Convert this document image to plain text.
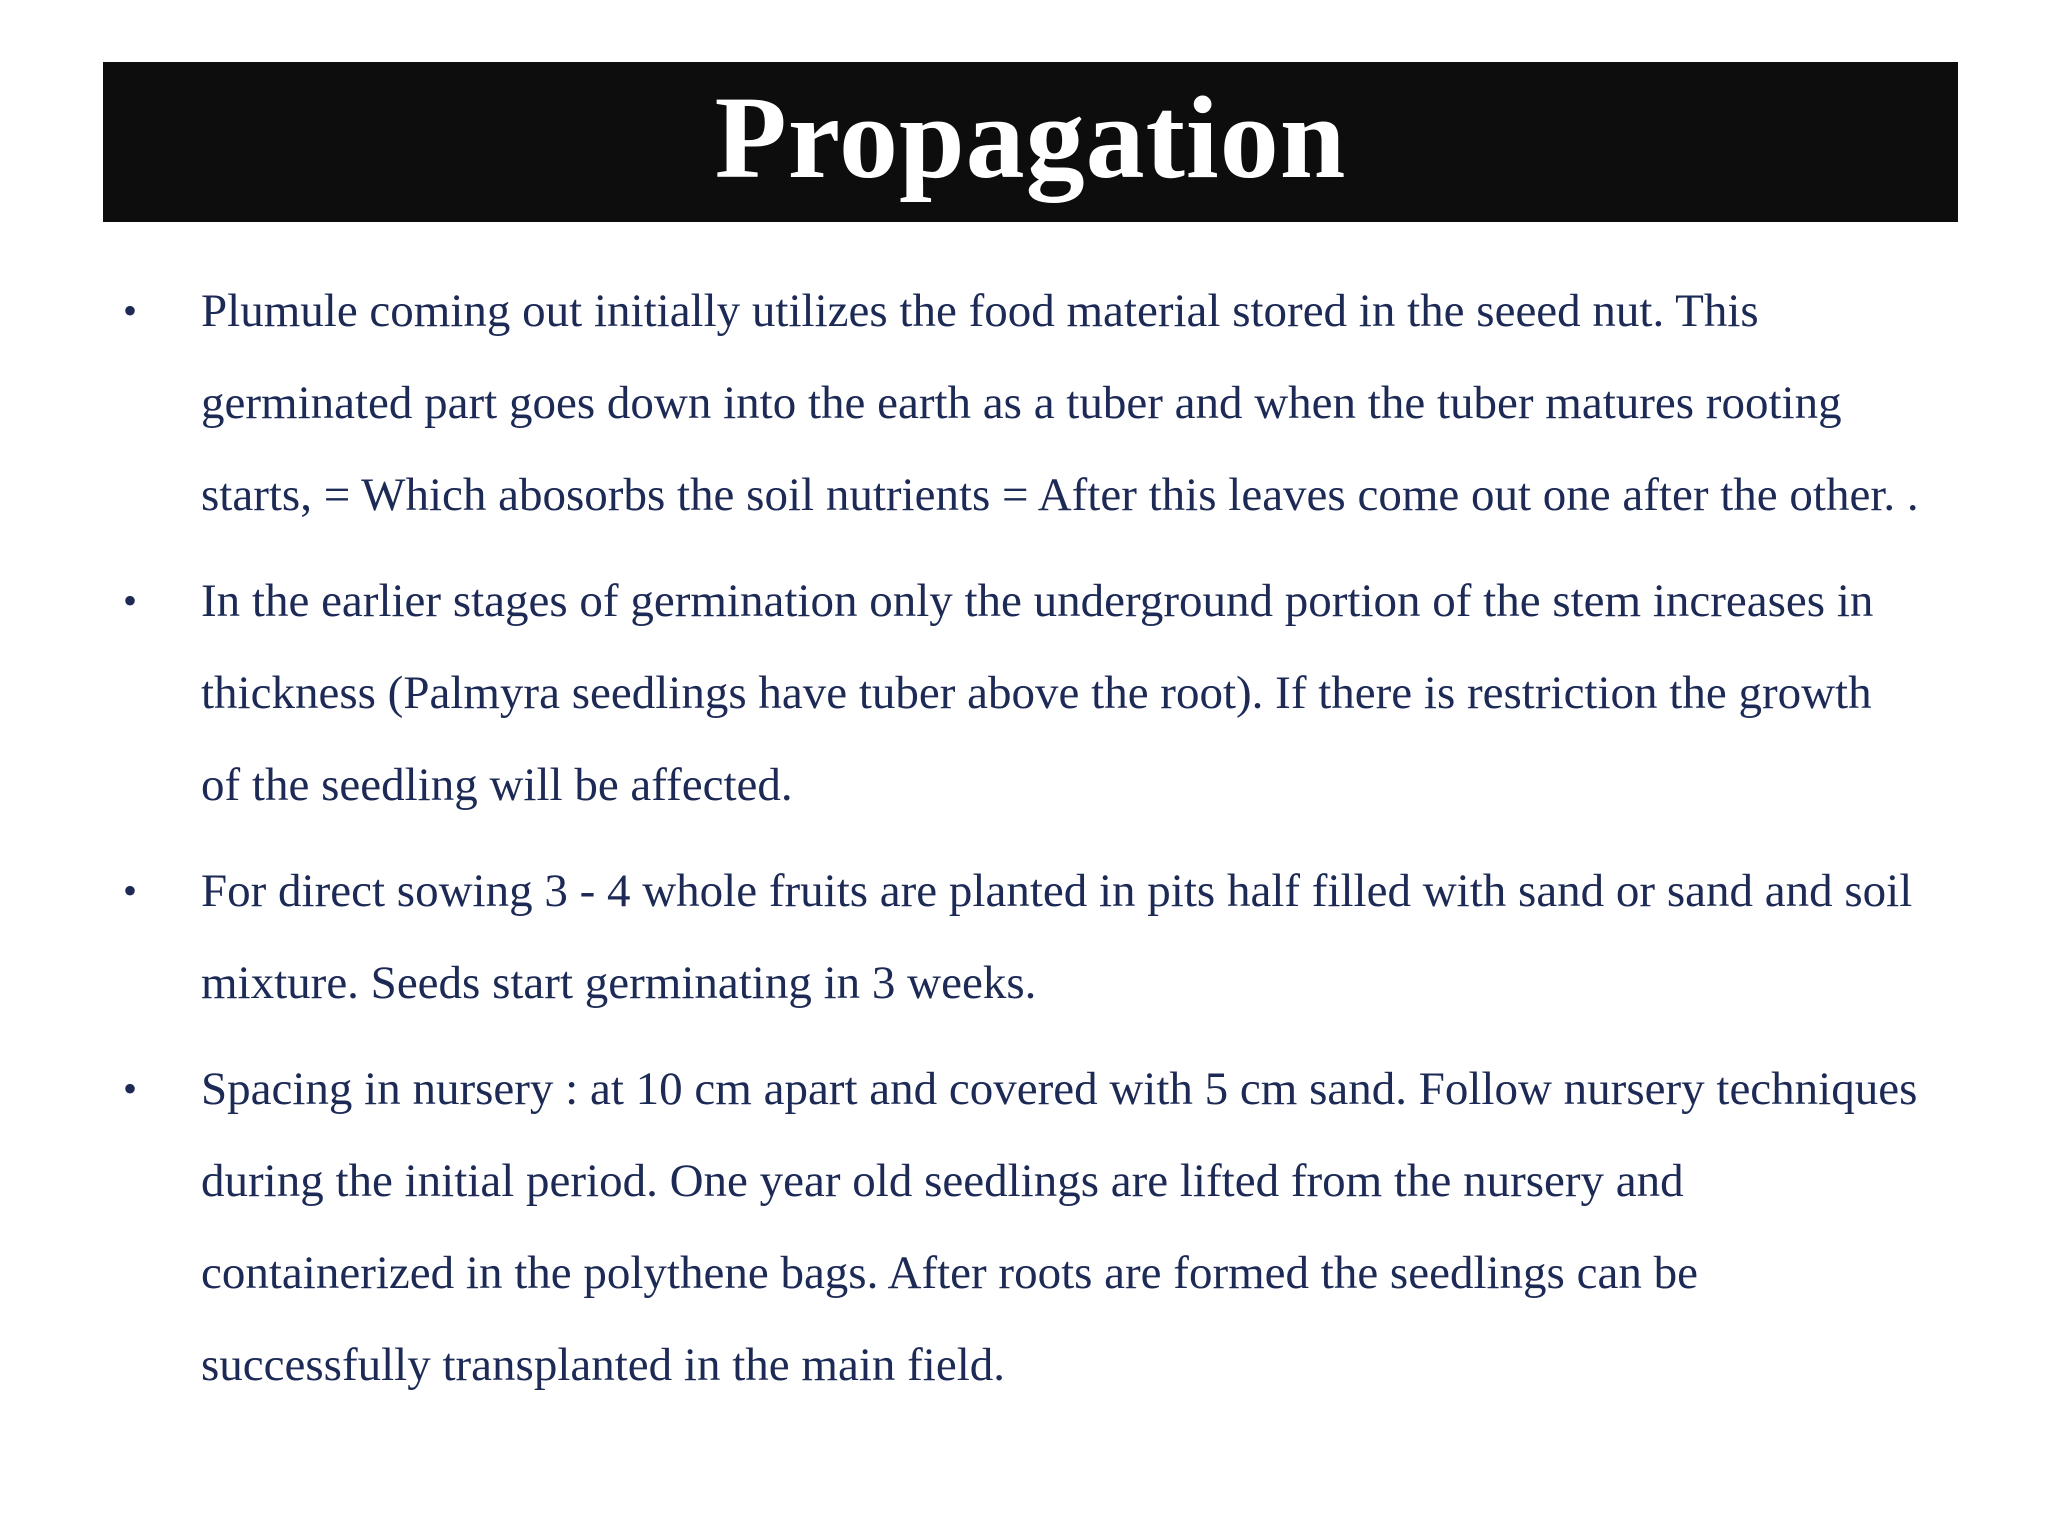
Propagation
• Plumule coming out initially utilizes the food material stored in the seeed nut. This germinated part goes down into the earth as a tuber and when the tuber matures rooting starts, = Which abosorbs the soil nutrients = After this leaves come out one after the other. .
• In the earlier stages of germination only the underground portion of the stem increases in thickness (Palmyra seedlings have tuber above the root). If there is restriction the growth of the seedling will be affected.
• For direct sowing 3 - 4 whole fruits are planted in pits half filled with sand or sand and soil mixture. Seeds start germinating in 3 weeks.
• Spacing in nursery : at 10 cm apart and covered with 5 cm sand. Follow nursery techniques during the initial period. One year old seedlings are lifted from the nursery and containerized in the polythene bags. After roots are formed the seedlings can be successfully transplanted in the main field.
